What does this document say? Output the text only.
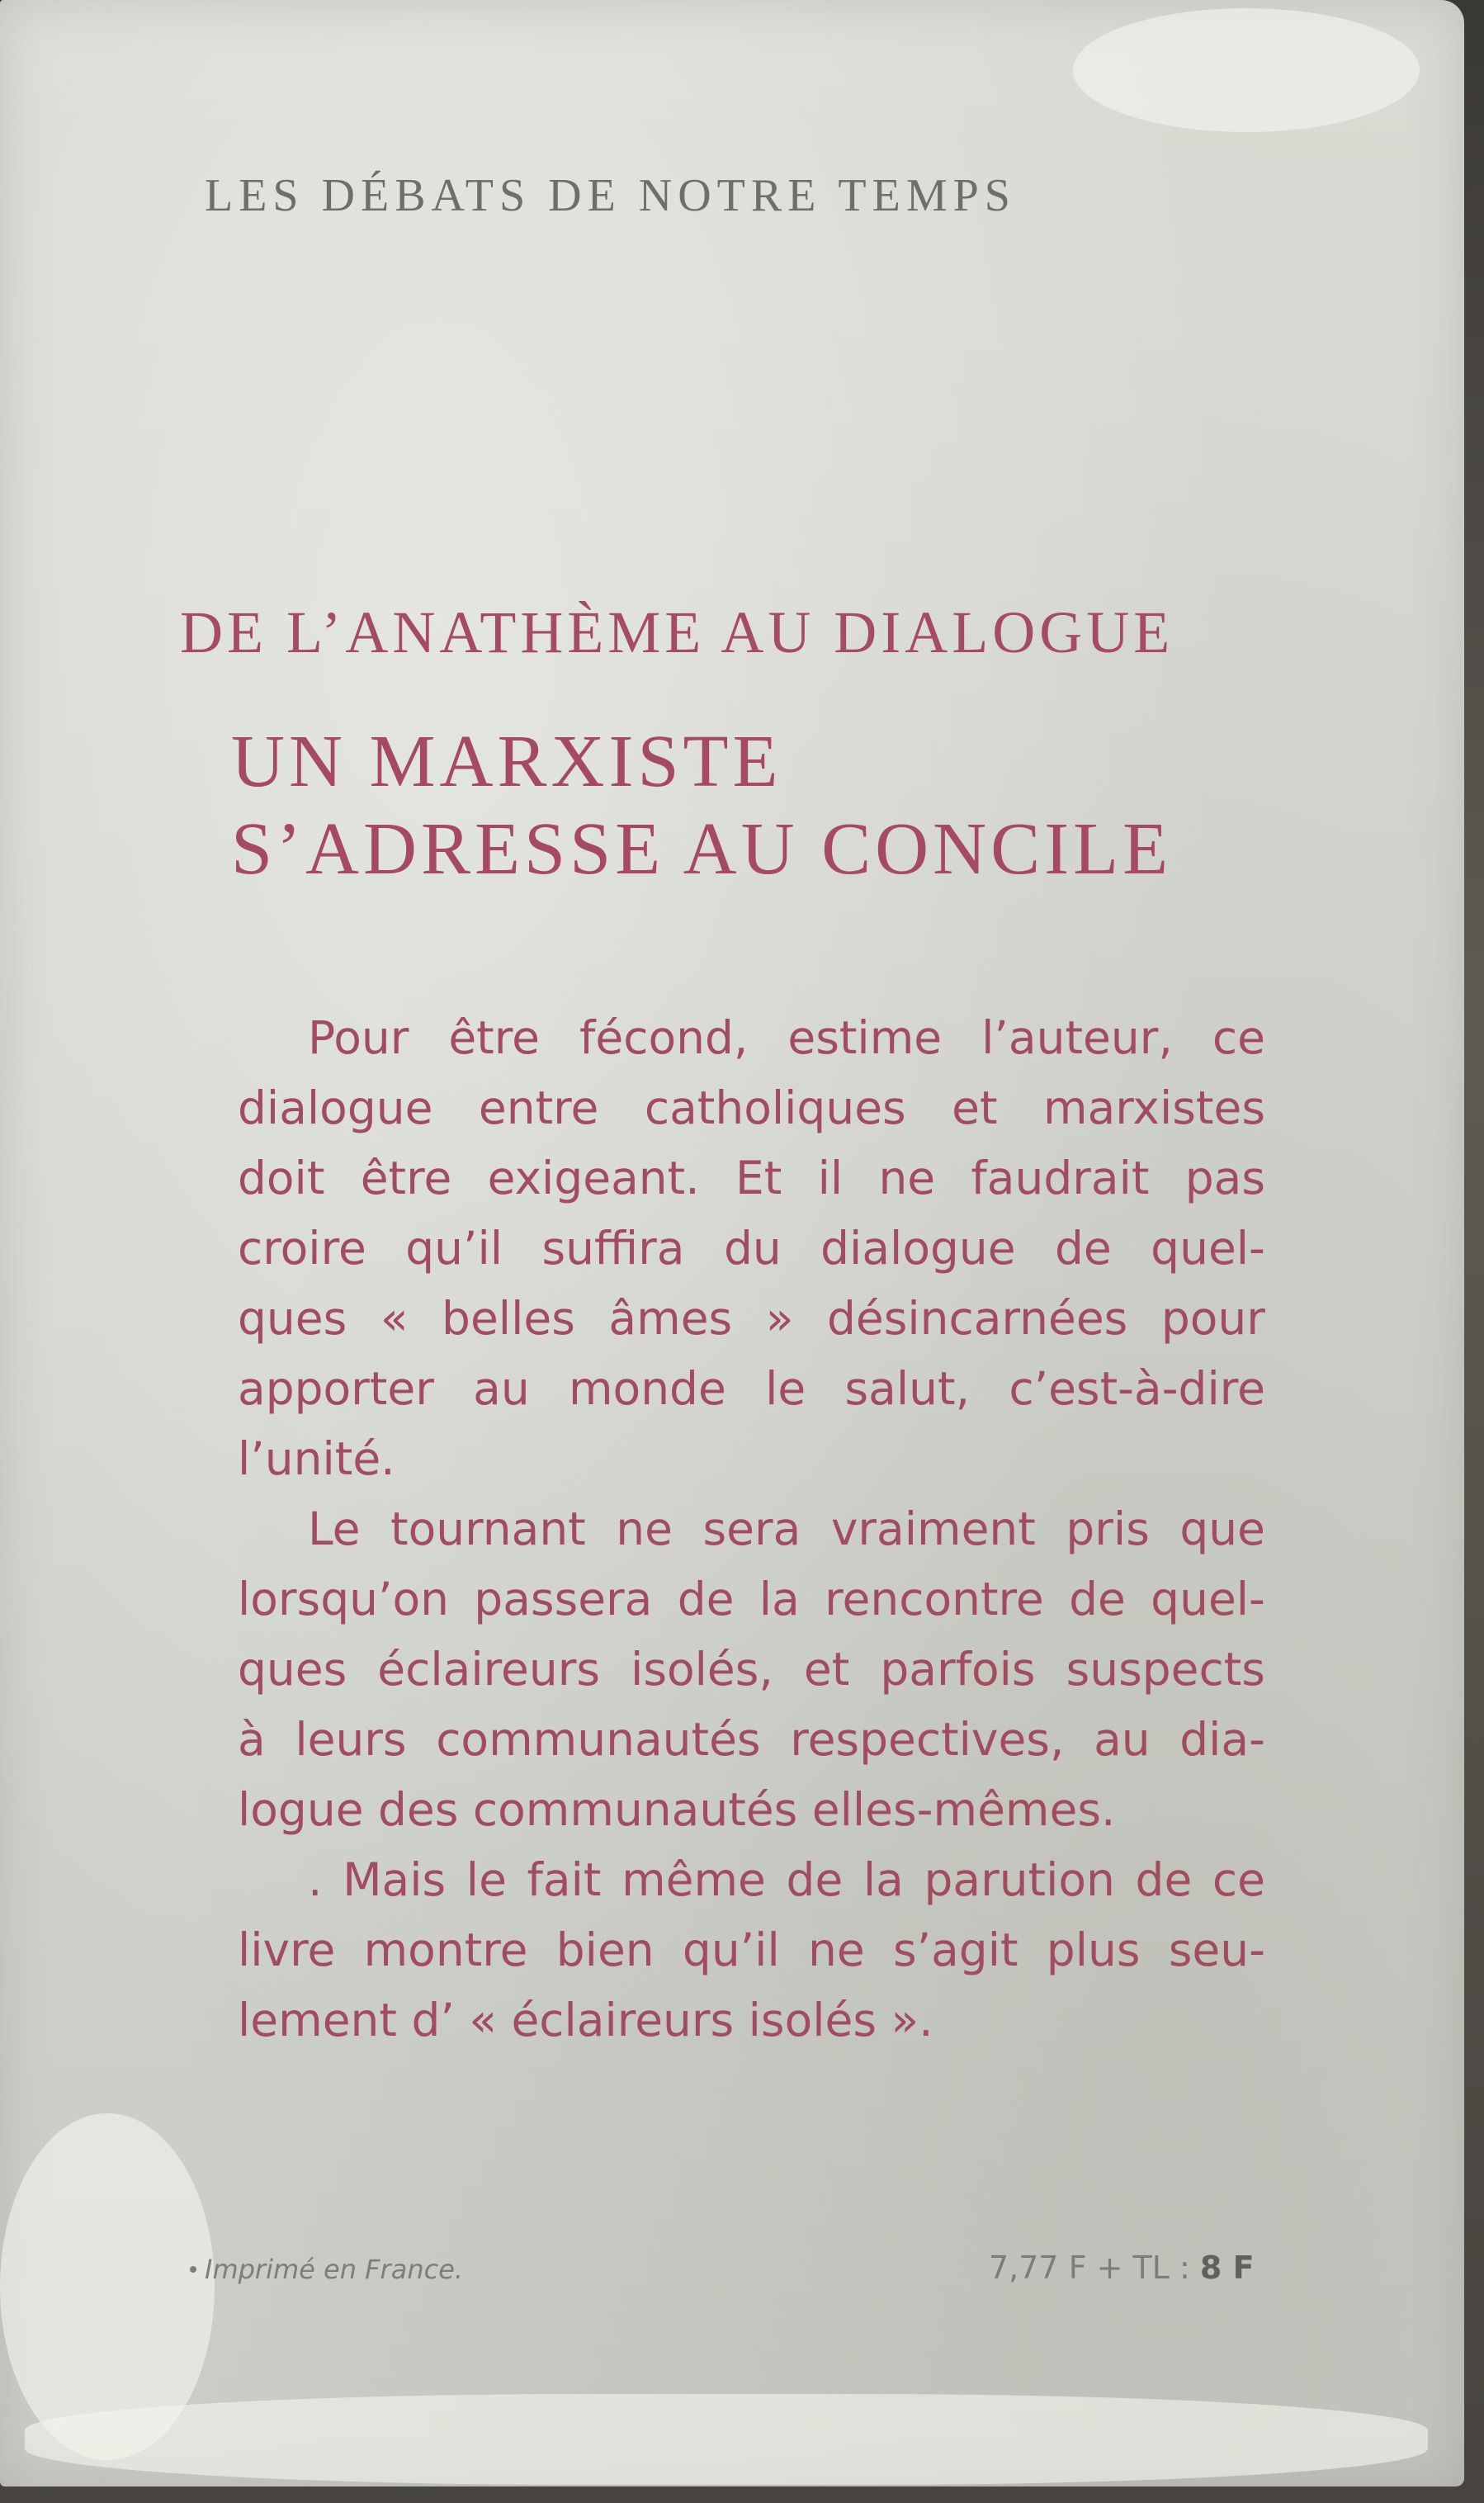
LES DÉBATS DE NOTRE TEMPS
DE L’ANATHÈME AU DIALOGUE
UN MARXISTE
S’ADRESSE AU CONCILE
Pour être fécond, estime l’auteur, ce
dialogue entre catholiques et marxistes
doit être exigeant. Et il ne faudrait pas
croire qu’il suffira du dialogue de quel-
ques « belles âmes » désincarnées pour
apporter au monde le salut, c’est-à-dire
l’unité.
Le tournant ne sera vraiment pris que
lorsqu’on passera de la rencontre de quel-
ques éclaireurs isolés, et parfois suspects
à leurs communautés respectives, au dia-
logue des communautés elles-mêmes.
. Mais le fait même de la parution de ce
livre montre bien qu’il ne s’agit plus seu-
lement d’ « éclaireurs isolés ».
Imprimé en France.	7,77 F + TL : 8 F
